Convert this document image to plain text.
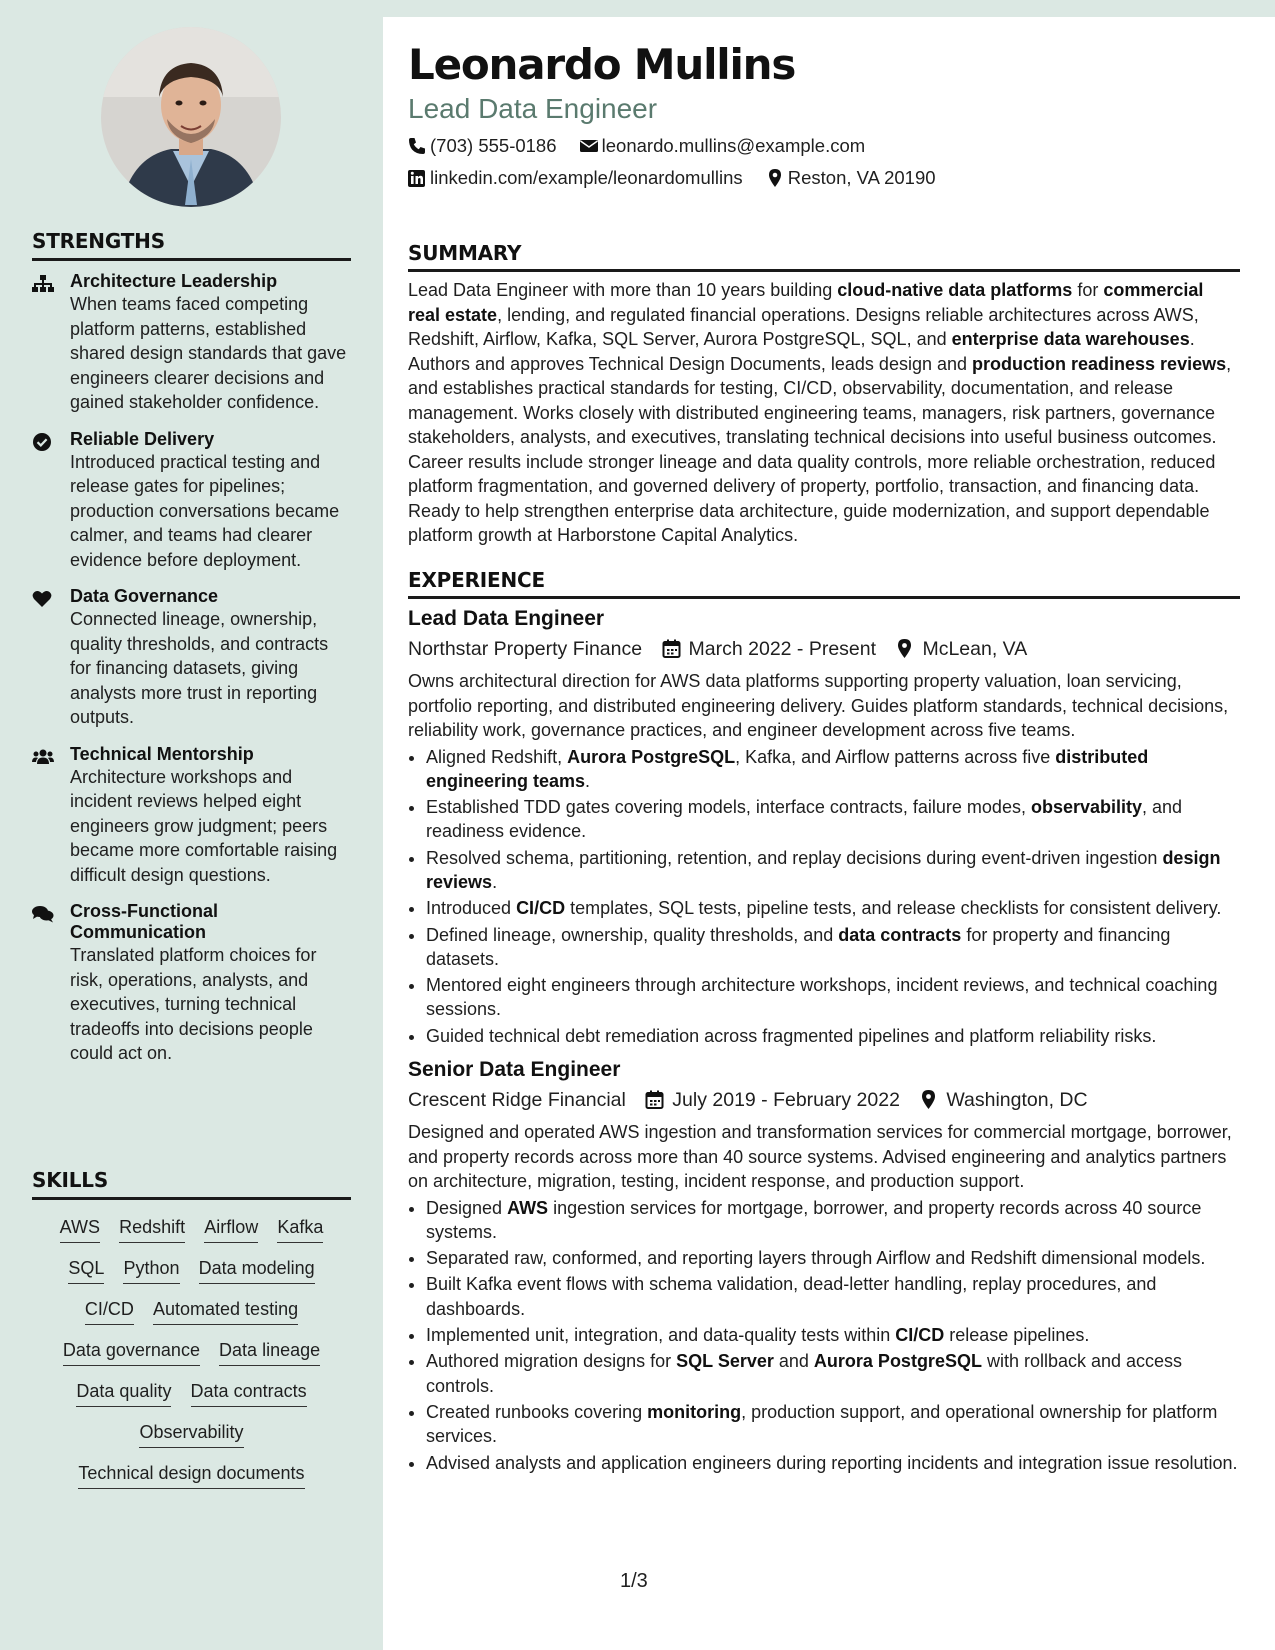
STRENGTHS
Architecture Leadership
When teams faced competing platform patterns, established shared design standards that gave engineers clearer decisions and gained stakeholder confidence.
Reliable Delivery
Introduced practical testing and release gates for pipelines; production conversations became calmer, and teams had clearer evidence before deployment.
Data Governance
Connected lineage, ownership, quality thresholds, and contracts for financing datasets, giving analysts more trust in reporting outputs.
Technical Mentorship
Architecture workshops and incident reviews helped eight engineers grow judgment; peers became more comfortable raising difficult design questions.
Cross-Functional Communication
Translated platform choices for risk, operations, analysts, and executives, turning technical tradeoffs into decisions people could act on.
SKILLS
AWS Redshift Airflow Kafka
SQL Python Data modeling
CI/CD Automated testing
Data governance Data lineage
Data quality Data contracts
Observability
Technical design documents
Leonardo Mullins
Lead Data Engineer
(703) 555-0186 leonardo.mullins@example.com
linkedin.com/example/leonardomullins Reston, VA 20190
SUMMARY
Lead Data Engineer with more than 10 years building cloud-native data platforms for commercial real estate, lending, and regulated financial operations. Designs reliable architectures across AWS, Redshift, Airflow, Kafka, SQL Server, Aurora PostgreSQL, SQL, and enterprise data warehouses. Authors and approves Technical Design Documents, leads design and production readiness reviews, and establishes practical standards for testing, CI/CD, observability, documentation, and release management. Works closely with distributed engineering teams, managers, risk partners, governance stakeholders, analysts, and executives, translating technical decisions into useful business outcomes. Career results include stronger lineage and data quality controls, more reliable orchestration, reduced platform fragmentation, and governed delivery of property, portfolio, transaction, and financing data. Ready to help strengthen enterprise data architecture, guide modernization, and support dependable platform growth at Harborstone Capital Analytics.
EXPERIENCE
Lead Data Engineer
Northstar Property Finance March 2022 - Present McLean, VA
Owns architectural direction for AWS data platforms supporting property valuation, loan servicing, portfolio reporting, and distributed engineering delivery. Guides platform standards, technical decisions, reliability work, governance practices, and engineer development across five teams.
• Aligned Redshift, Aurora PostgreSQL, Kafka, and Airflow patterns across five distributed engineering teams.
• Established TDD gates covering models, interface contracts, failure modes, observability, and readiness evidence.
• Resolved schema, partitioning, retention, and replay decisions during event-driven ingestion design reviews.
• Introduced CI/CD templates, SQL tests, pipeline tests, and release checklists for consistent delivery.
• Defined lineage, ownership, quality thresholds, and data contracts for property and financing datasets.
• Mentored eight engineers through architecture workshops, incident reviews, and technical coaching sessions.
• Guided technical debt remediation across fragmented pipelines and platform reliability risks.
Senior Data Engineer
Crescent Ridge Financial July 2019 - February 2022 Washington, DC
Designed and operated AWS ingestion and transformation services for commercial mortgage, borrower, and property records across more than 40 source systems. Advised engineering and analytics partners on architecture, migration, testing, incident response, and production support.
• Designed AWS ingestion services for mortgage, borrower, and property records across 40 source systems.
• Separated raw, conformed, and reporting layers through Airflow and Redshift dimensional models.
• Built Kafka event flows with schema validation, dead-letter handling, replay procedures, and dashboards.
• Implemented unit, integration, and data-quality tests within CI/CD release pipelines.
• Authored migration designs for SQL Server and Aurora PostgreSQL with rollback and access controls.
• Created runbooks covering monitoring, production support, and operational ownership for platform services.
• Advised analysts and application engineers during reporting incidents and integration issue resolution.
1/3
